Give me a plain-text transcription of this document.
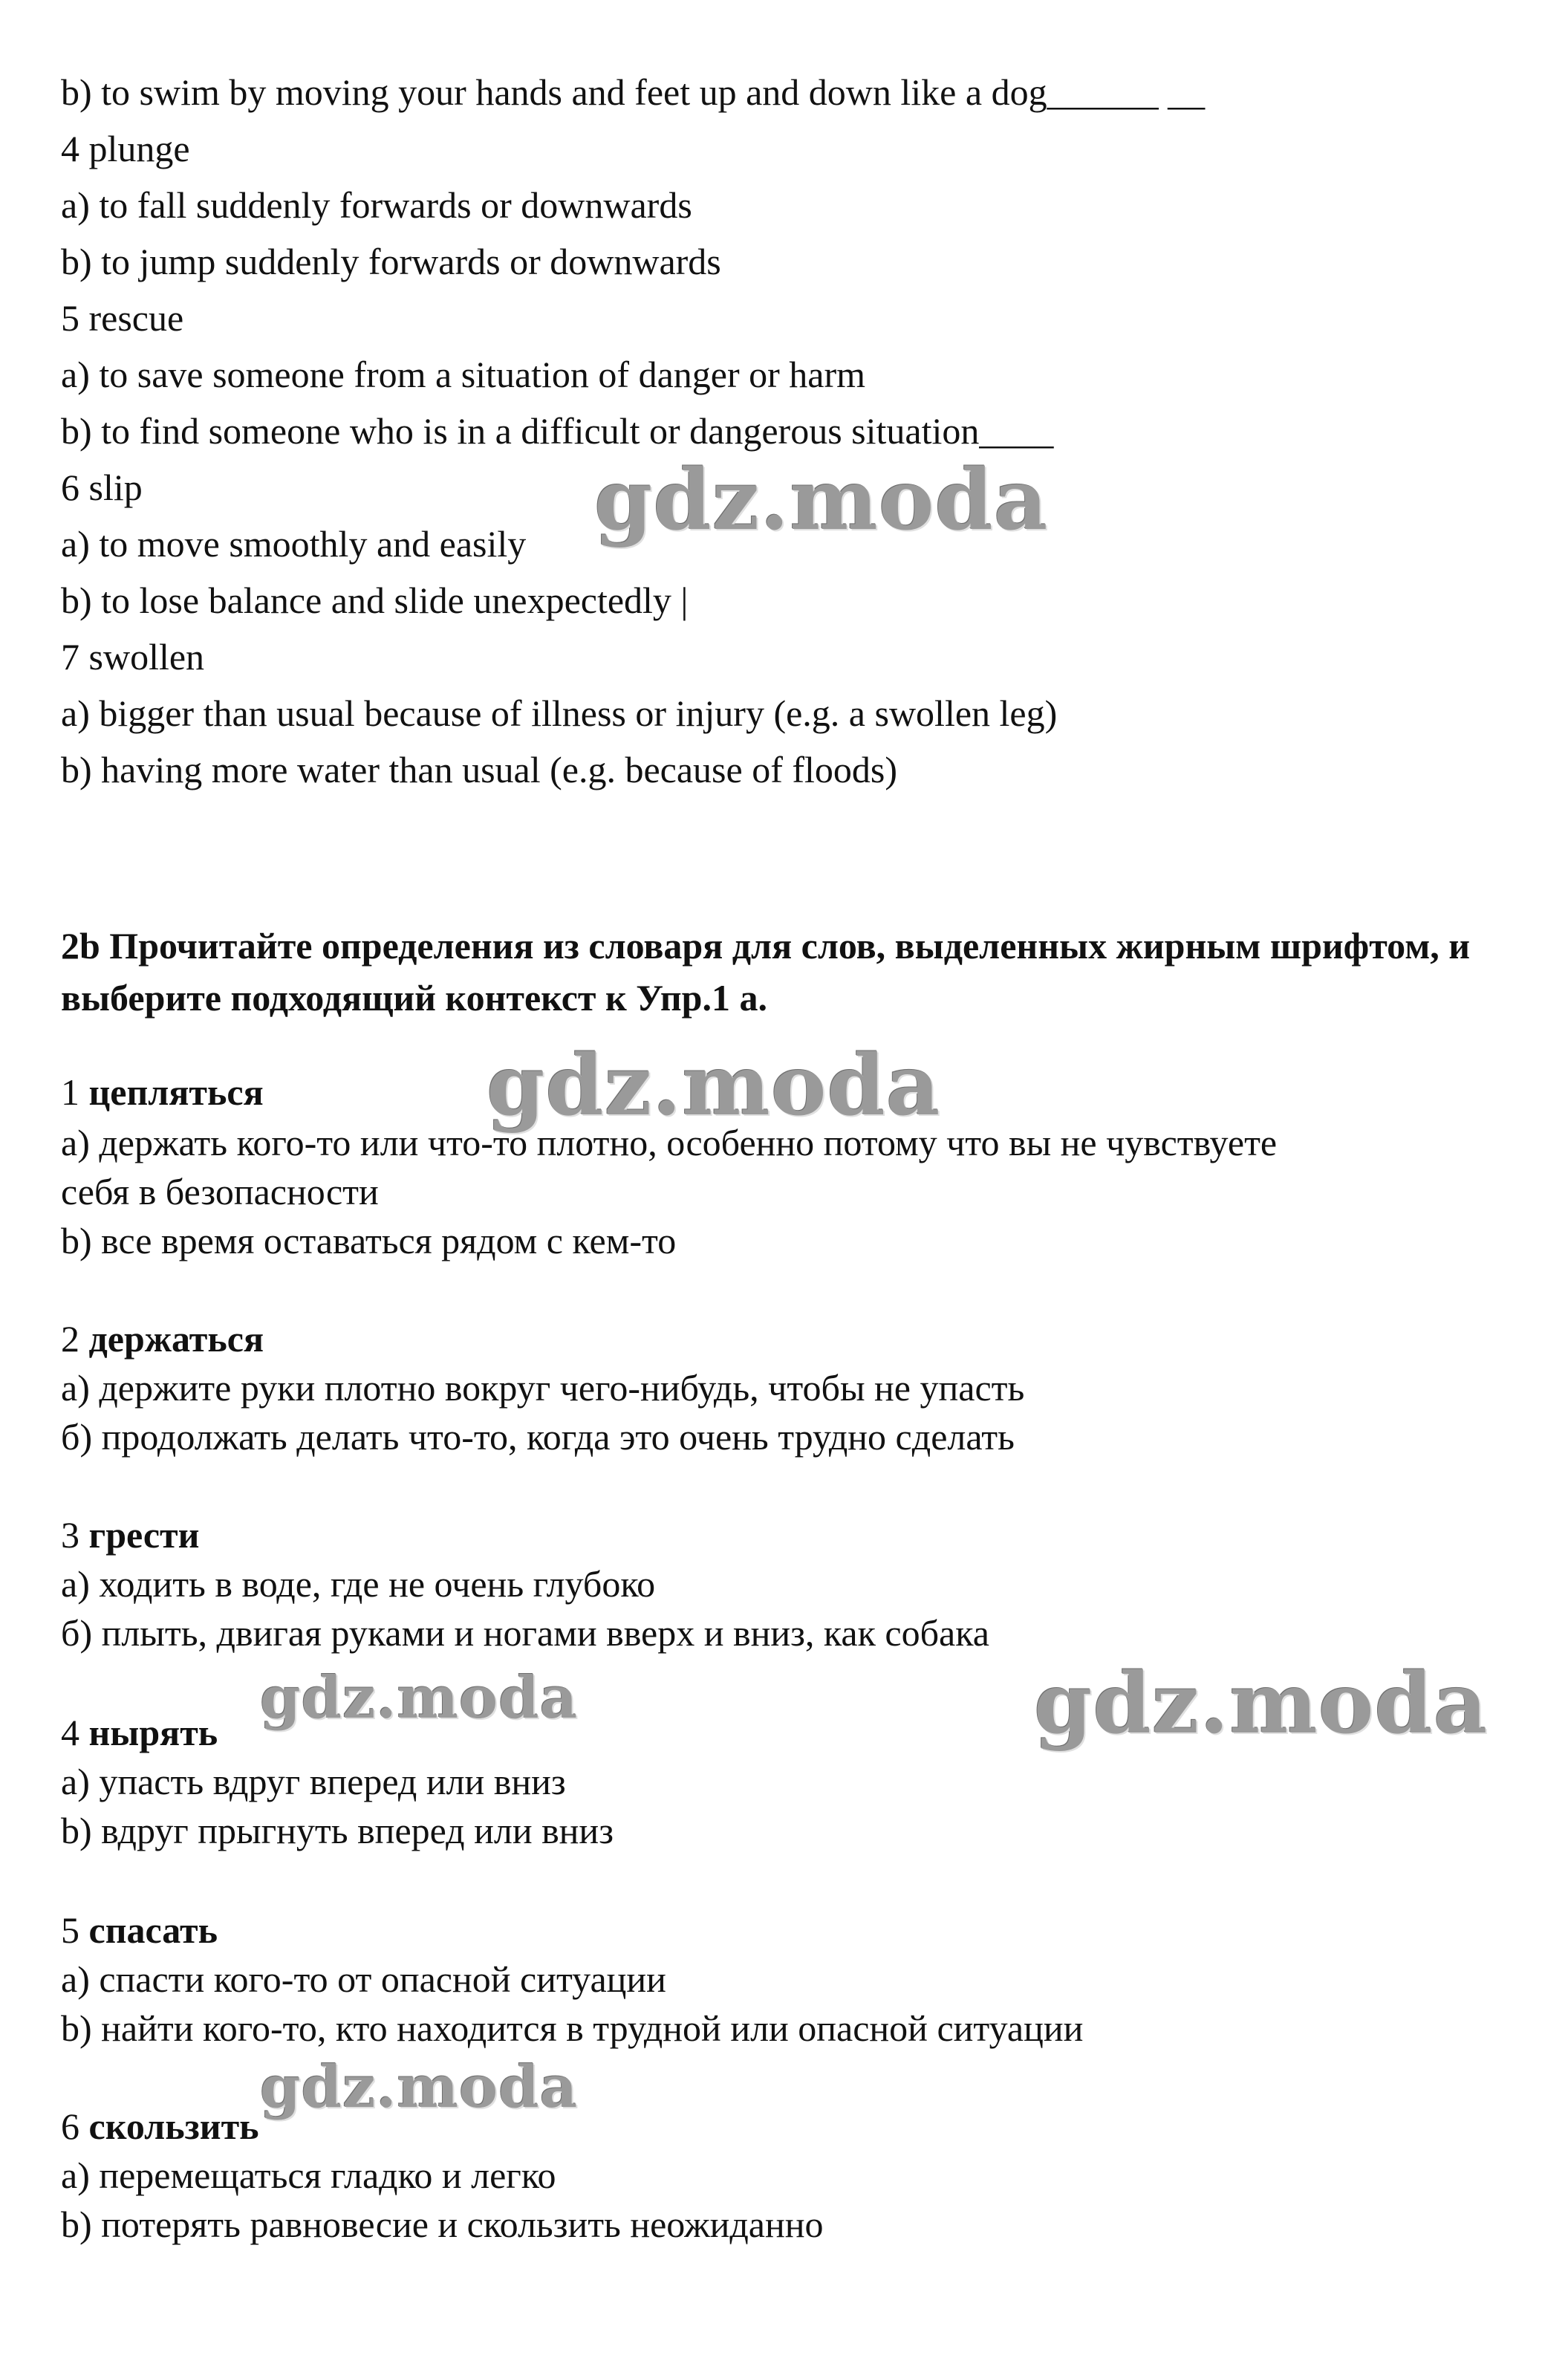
b) to swim by moving your hands and feet up and down like a dog______ __

4 plunge

a) to fall suddenly forwards or downwards

b) to jump suddenly forwards or downwards

5 rescue

a) to save someone from a situation of danger or harm

b) to find someone who is in a difficult or dangerous situation____

6 slip

a) to move smoothly and easily

b) to lose balance and slide unexpectedly |

7 swollen

a) bigger than usual because of illness or injury (e.g. a swollen leg)

b) having more water than usual (e.g. because of floods)

2b Прочитайте определения из словаря для слов, выделенных жирным шрифтом, и выберите подходящий контекст к Упр.1 а.

1 цепляться

a) держать кого-то или что-то плотно, особенно потому что вы не чувствуете

себя в безопасности

b) все время оставаться рядом с кем-то

2 держаться

a) держите руки плотно вокруг чего-нибудь, чтобы не упасть

б) продолжать делать что-то, когда это очень трудно сделать

3 грести

a) ходить в воде, где не очень глубоко

б) плыть, двигая руками и ногами вверх и вниз, как собака

4 нырять

a) упасть вдруг вперед или вниз

b) вдруг прыгнуть вперед или вниз

5 спасать

a) спасти кого-то от опасной ситуации

b) найти кого-то, кто находится в трудной или опасной ситуации

6 скользить

a) перемещаться гладко и легко

b) потерять равновесие и скользить неожиданно

gdz.moda
gdz.moda
gdz.moda	gdz.moda
gdz.moda
